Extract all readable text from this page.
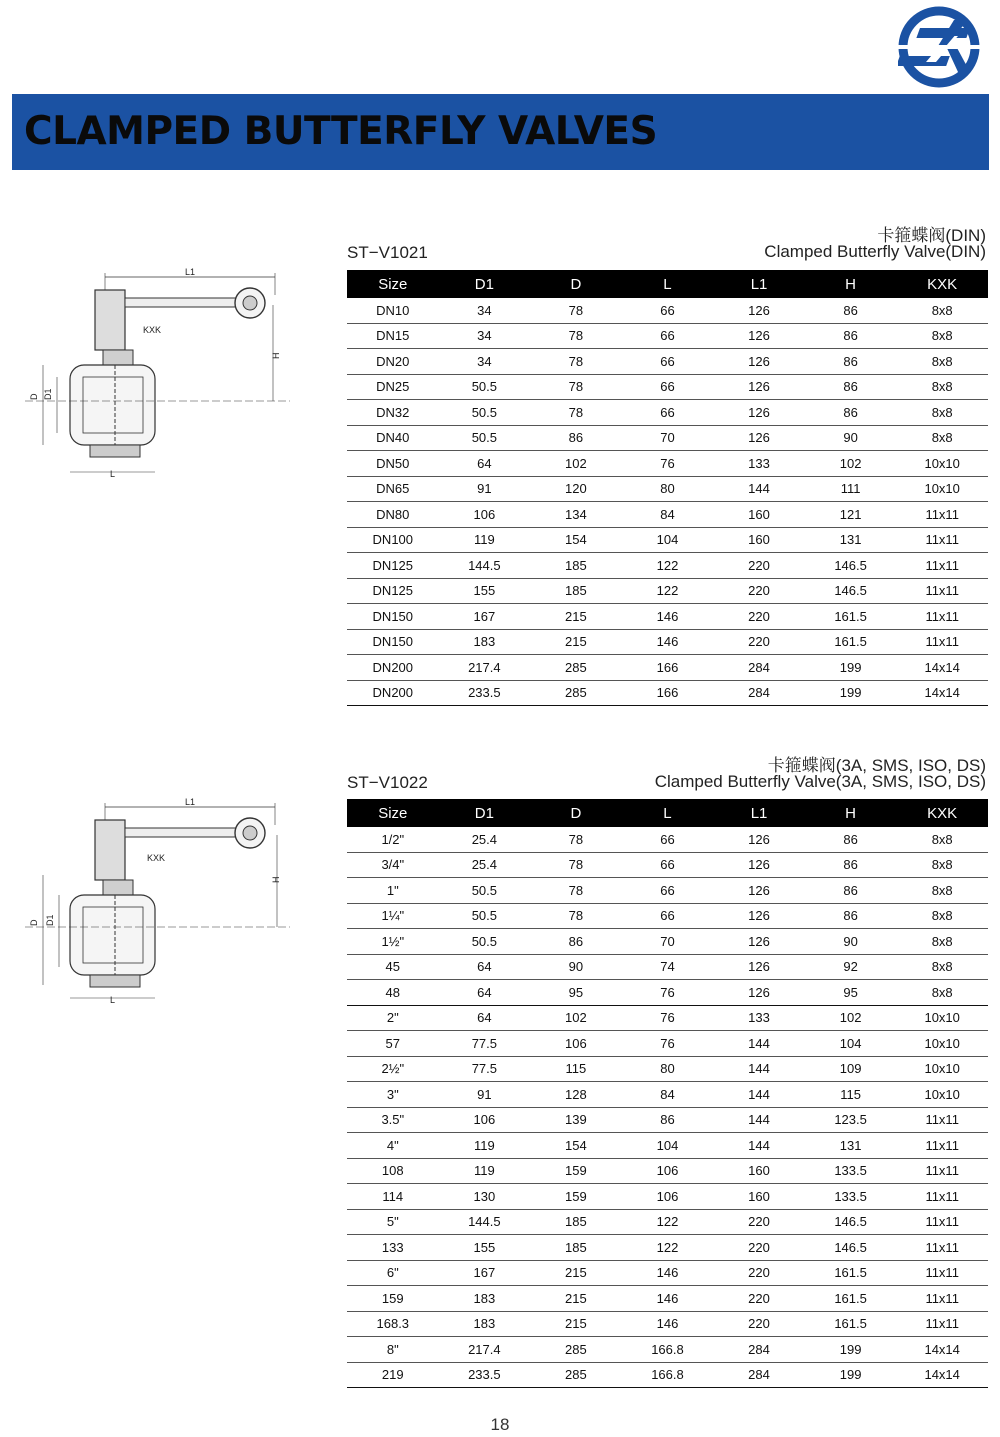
CLAMPED BUTTERFLY VALVES
卡箍蝶阀(DIN)
Clamped Butterfly Valve(DIN)
ST−V1021
L1
KXK
H
D D1
L
Size	D1	D	L	L1	H	KXK
DN10	34	78	66	126	86	8x8
DN15	34	78	66	126	86	8x8
DN20	34	78	66	126	86	8x8
DN25	50.5	78	66	126	86	8x8
DN32	50.5	78	66	126	86	8x8
DN40	50.5	86	70	126	90	8x8
DN50	64	102	76	133	102	10x10
DN65	91	120	80	144	111	10x10
DN80	106	134	84	160	121	11x11
DN100	119	154	104	160	131	11x11
DN125	144.5	185	122	220	146.5	11x11
DN125	155	185	122	220	146.5	11x11
DN150	167	215	146	220	161.5	11x11
DN150	183	215	146	220	161.5	11x11
DN200	217.4	285	166	284	199	14x14
DN200	233.5	285	166	284	199	14x14
卡箍蝶阀(3A, SMS, ISO, DS)
Clamped Butterfly Valve(3A, SMS, ISO, DS)
ST−V1022
L1
KXK
H
D D1
L
Size	D1	D	L	L1	H	KXK
1/2"	25.4	78	66	126	86	8x8
3/4"	25.4	78	66	126	86	8x8
1"	50.5	78	66	126	86	8x8
1¼"	50.5	78	66	126	86	8x8
1½"	50.5	86	70	126	90	8x8
45	64	90	74	126	92	8x8
48	64	95	76	126	95	8x8
2"	64	102	76	133	102	10x10
57	77.5	106	76	144	104	10x10
2½"	77.5	115	80	144	109	10x10
3"	91	128	84	144	115	10x10
3.5"	106	139	86	144	123.5	11x11
4"	119	154	104	144	131	11x11
108	119	159	106	160	133.5	11x11
114	130	159	106	160	133.5	11x11
5"	144.5	185	122	220	146.5	11x11
133	155	185	122	220	146.5	11x11
6"	167	215	146	220	161.5	11x11
159	183	215	146	220	161.5	11x11
168.3	183	215	146	220	161.5	11x11
8"	217.4	285	166.8	284	199	14x14
219	233.5	285	166.8	284	199	14x14
18
